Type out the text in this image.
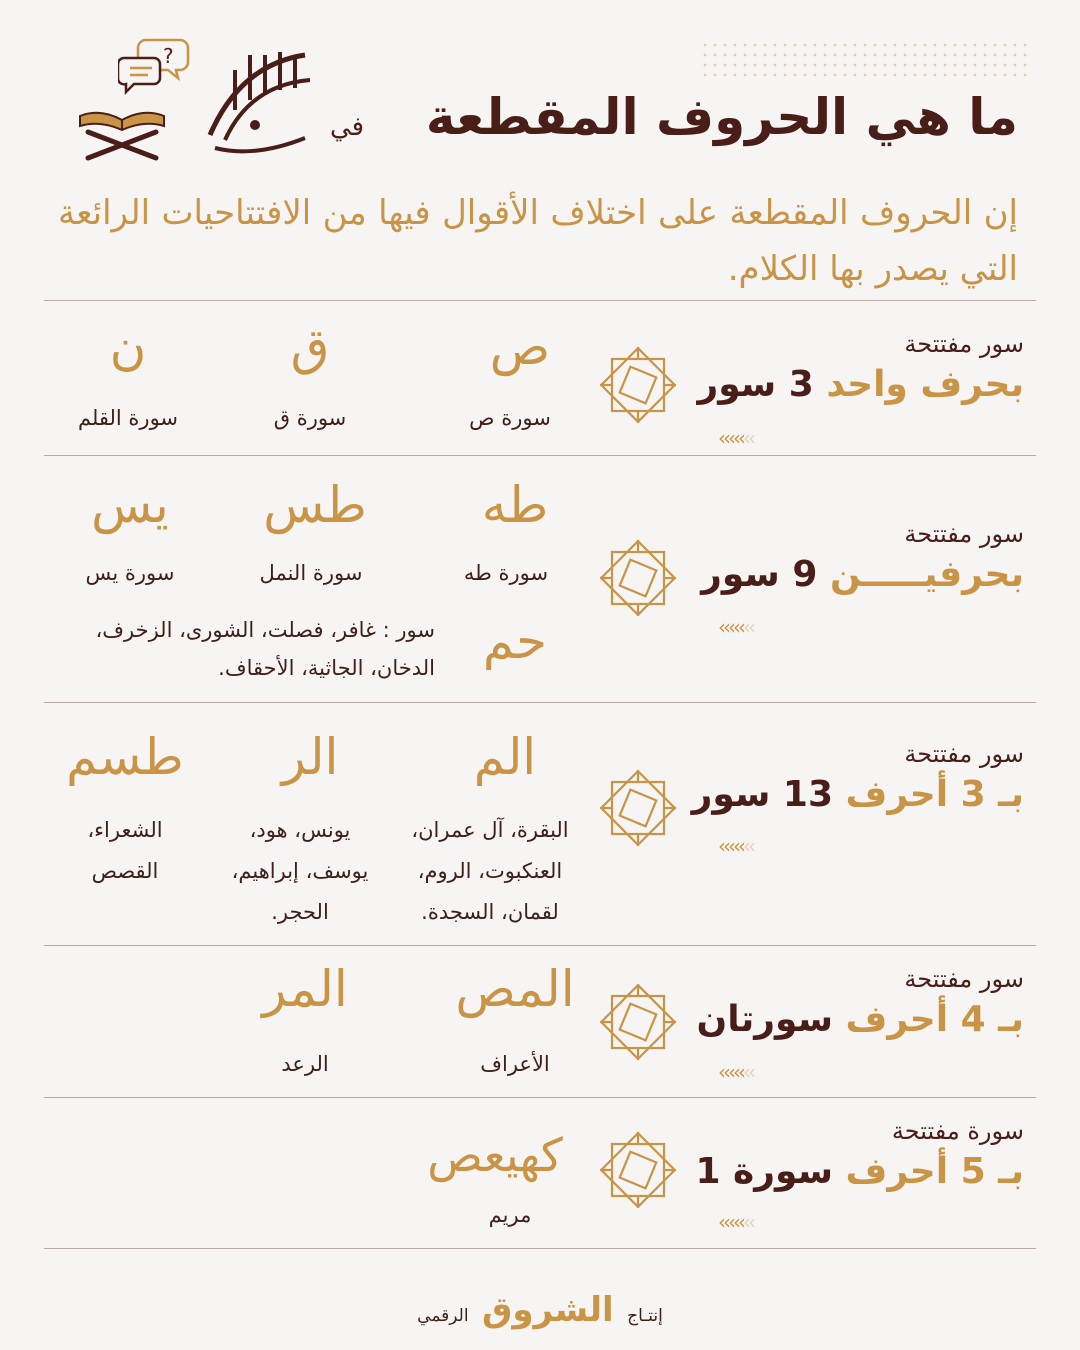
?
في ما هي الحروف المقطعة
إن الحروف المقطعة على اختلاف الأقوال فيها من الافتتاحيات الرائعة التي يصدر بها الكلام.
سور مفتتحة
بحرف واحد 3 سور
‹‹‹‹‹‹‹
ص
سورة ص
ق
سورة ق
ن
سورة القلم
سور مفتتحة
بحرفيـــــن 9 سور
‹‹‹‹‹‹‹
طه
سورة طه
طس
سورة النمل
يس
سورة يس
حم
سور : غافر، فصلت، الشورى، الزخرف،
الدخان، الجاثية، الأحقاف.
سور مفتتحة
بـ 3 أحرف 13 سور
‹‹‹‹‹‹‹
الم
البقرة، آل عمران،
العنكبوت، الروم،
لقمان، السجدة.
الر
يونس، هود،
يوسف، إبراهيم،
الحجر.
طسم
الشعراء،
القصص
سور مفتتحة
بـ 4 أحرف سورتان
‹‹‹‹‹‹‹
المص
الأعراف
المر
الرعد
سورة مفتتحة
بـ 5 أحرف سورة 1
‹‹‹‹‹‹‹
كهيعص
مريم
إنتـاج الشروق الرقمي
